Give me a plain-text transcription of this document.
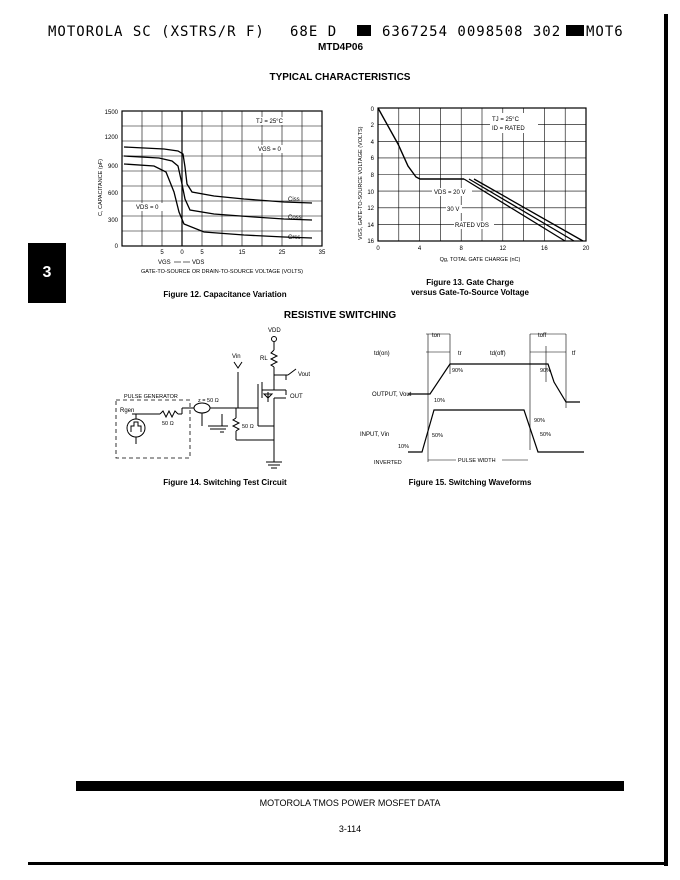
MOTOROLA SC (XSTRS/R F) 68E D	6367254 0098508 302 MOT6
MTD4P06
TYPICAL CHARACTERISTICS
3
1500
1200
900
600
300
0
C, CAPACITANCE (pF)
5	0	5	15	25	35
VGS	VDS
GATE-TO-SOURCE OR DRAIN-TO-SOURCE VOLTAGE (VOLTS)
TJ = 25°C
VGS = 0
VDS = 0
Ciss
Coss
Crss
Figure 12. Capacitance Variation
0
2
4
6
8
10
12
14
16
VGS, GATE-TO-SOURCE VOLTAGE (VOLTS)
0	4	8	12	16	20
Qg, TOTAL GATE CHARGE (nC)
TJ = 25°C
ID = RATED
VDS = 20 V
30 V
RATED VDS
Figure 13. Gate Charge
versus Gate-To-Source Voltage
RESISTIVE SWITCHING
VDD
RL
Vin
Vout
OUT
PULSE GENERATOR
Rgen
50 Ω
z = 50 Ω
50 Ω
Figure 14. Switching Test Circuit
ton	toff
td(on)	tr	td(off)	tf
90%	90%
10%
OUTPUT, Vout
INPUT, Vin
90%
50%	50%
10%
INVERTED	PULSE WIDTH
Figure 15. Switching Waveforms
MOTOROLA TMOS POWER MOSFET DATA
3-114
